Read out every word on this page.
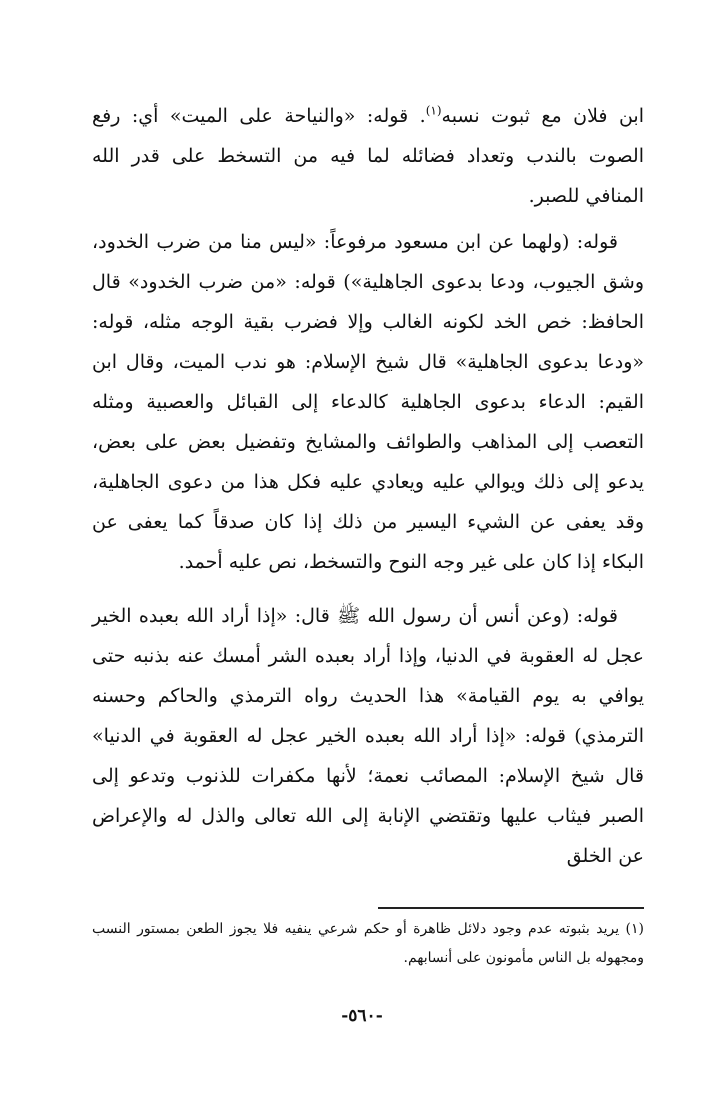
ابن فلان مع ثبوت نسبه$^{(١)}$. قوله: «والنياحة على الميت» أي: رفع الصوت بالندب وتعداد فضائله لما فيه من التسخط على قدر الله المنافي للصبر.

قوله: (ولهما عن ابن مسعود مرفوعاً: «ليس منا من ضرب الخدود، وشق الجيوب، ودعا بدعوى الجاهلية») قوله: «من ضرب الخدود» قال الحافظ: خص الخد لكونه الغالب وإلا فضرب بقية الوجه مثله، قوله: «ودعا بدعوى الجاهلية» قال شيخ الإسلام: هو ندب الميت، وقال ابن القيم: الدعاء بدعوى الجاهلية كالدعاء إلى القبائل والعصبية ومثله التعصب إلى المذاهب والطوائف والمشايخ وتفضيل بعض على بعض، يدعو إلى ذلك ويوالي عليه ويعادي عليه فكل هذا من دعوى الجاهلية، وقد يعفى عن الشيء اليسير من ذلك إذا كان صدقاً كما يعفى عن البكاء إذا كان على غير وجه النوح والتسخط، نص عليه أحمد.

قوله: (وعن أنس أن رسول الله ﷺ قال: «إذا أراد الله بعبده الخير عجل له العقوبة في الدنيا، وإذا أراد بعبده الشر أمسك عنه بذنبه حتى يوافي به يوم القيامة» هذا الحديث رواه الترمذي والحاكم وحسنه الترمذي) قوله: «إذا أراد الله بعبده الخير عجل له العقوبة في الدنيا» قال شيخ الإسلام: المصائب نعمة؛ لأنها مكفرات للذنوب وتدعو إلى الصبر فيثاب عليها وتقتضي الإنابة إلى الله تعالى والذل له والإعراض عن الخلق

(١) يريد بثبوته عدم وجود دلائل ظاهرة أو حكم شرعي ينفيه فلا يجوز الطعن بمستور النسب ومجهوله بل الناس مأمونون على أنسابهم.
-٥٦٠-
